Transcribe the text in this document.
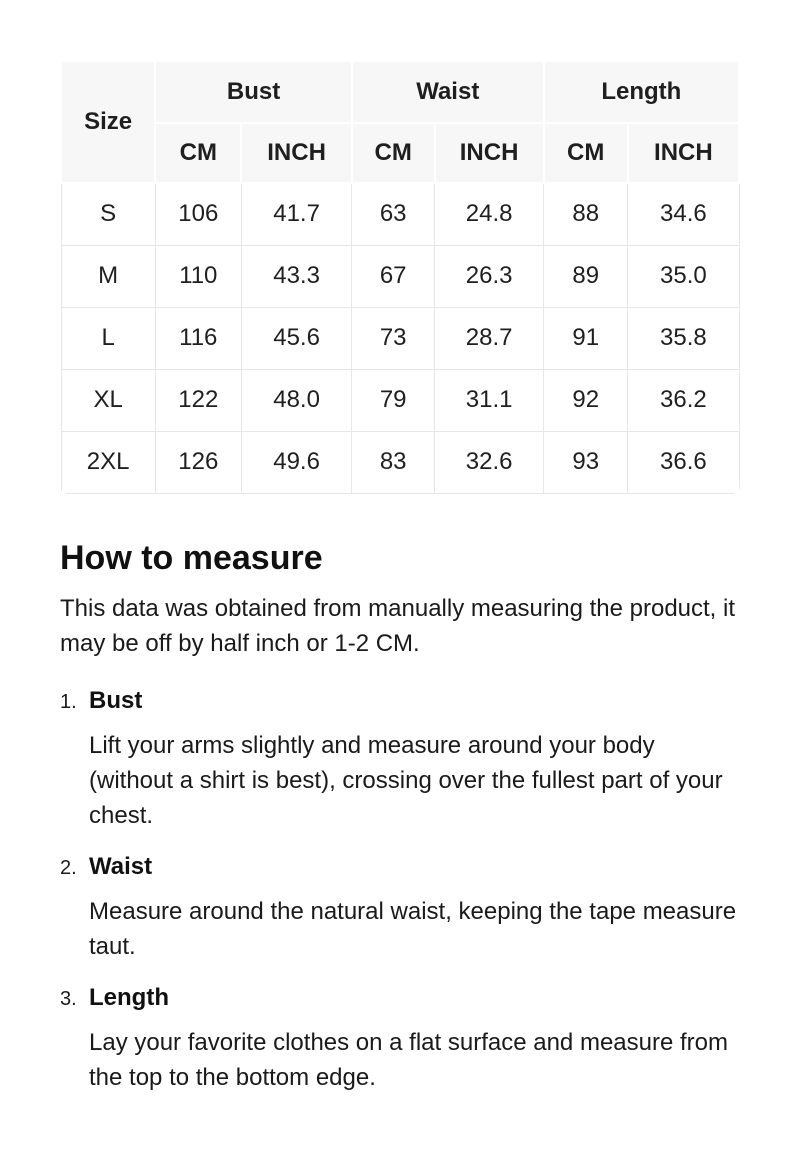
Size	Bust		Waist		Length	
	CM	INCH	CM	INCH	CM	INCH
S	106	41.7	63	24.8	88	34.6
M	110	43.3	67	26.3	89	35.0
L	116	45.6	73	28.7	91	35.8
XL	122	48.0	79	31.1	92	36.2
2XL	126	49.6	83	32.6	93	36.6
How to measure

This data was obtained from manually measuring the product, it may be off by half inch or 1-2 CM.

1. Bust

Lift your arms slightly and measure around your body (without a shirt is best), crossing over the fullest part of your chest.

2. Waist

Measure around the natural waist, keeping the tape measure taut.

3. Length

Lay your favorite clothes on a flat surface and measure from the top to the bottom edge.
